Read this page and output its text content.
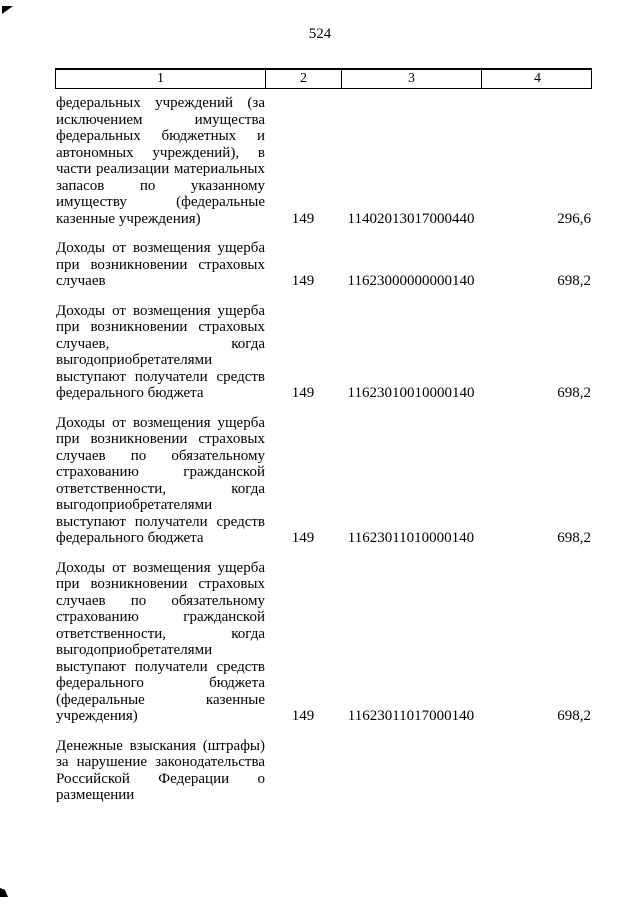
524
1	2	3	4
федеральных учреждений (за исключением имущества федеральных бюджетных и автономных учреждений), в части реализации материальных запасов по указанному имуществу (федеральные казенные учреждения)	149	11402013017000440	296,6
Доходы от возмещения ущерба при возникновении страховых случаев	149	11623000000000140	698,2
Доходы от возмещения ущерба при возникновении страховых случаев, когда выгодоприобретателями выступают получатели средств федерального бюджета	149	11623010010000140	698,2
Доходы от возмещения ущерба при возникновении страховых случаев по обязательному страхованию гражданской ответственности, когда выгодоприобретателями выступают получатели средств федерального бюджета	149	11623011010000140	698,2
Доходы от возмещения ущерба при возникновении страховых случаев по обязательному страхованию гражданской ответственности, когда выгодоприобретателями выступают получатели средств федерального бюджета (федеральные казенные учреждения)	149	11623011017000140	698,2
Денежные взыскания (штрафы) за нарушение законодательства Российской Федерации о размещении
